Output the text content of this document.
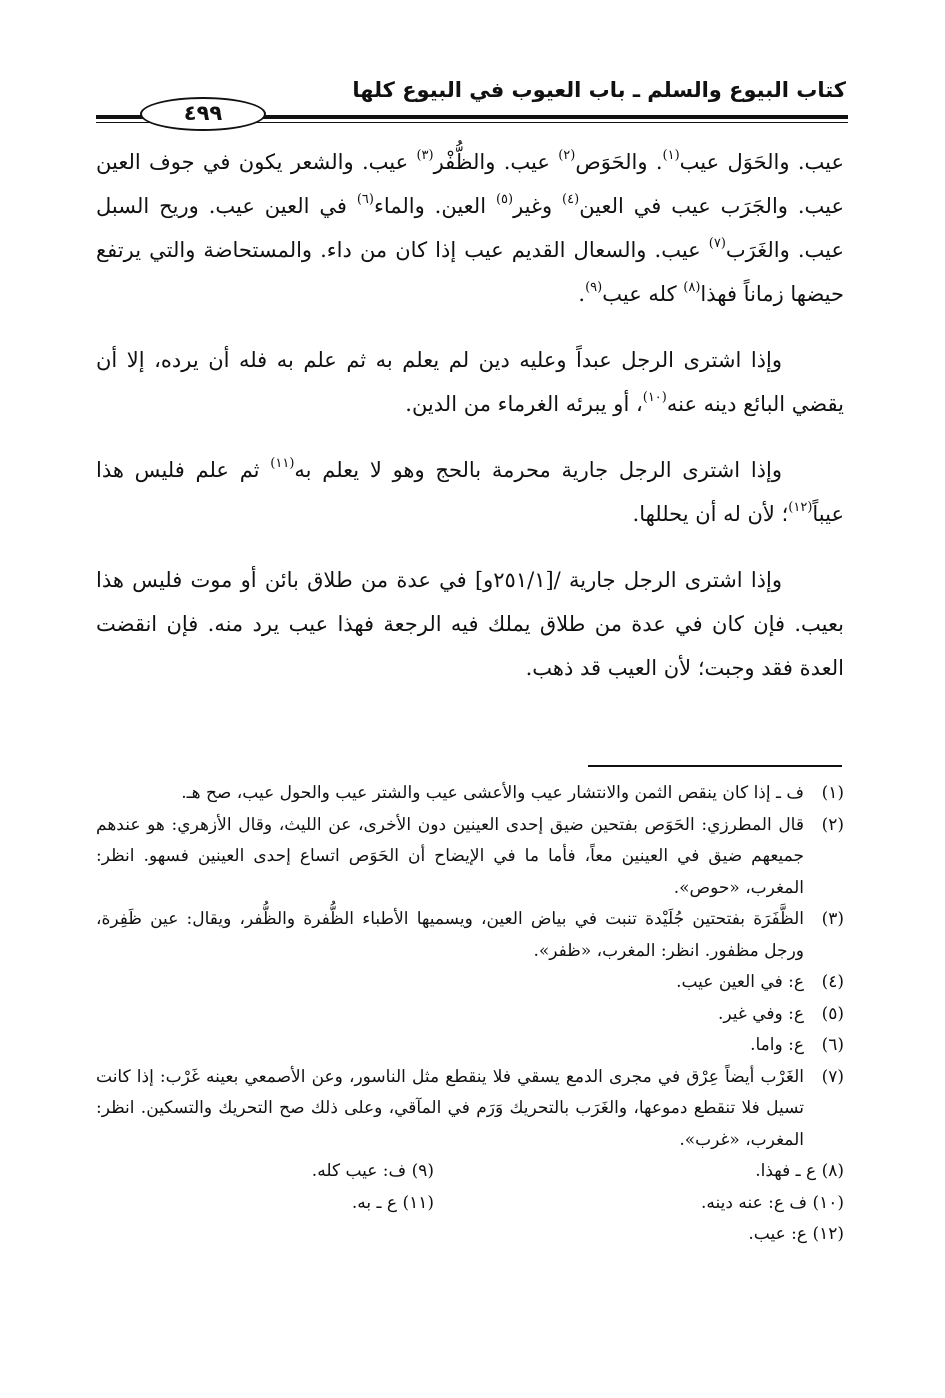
كتاب البيوع والسلم ـ باب العيوب في البيوع كلها
٤٩٩

عيب. والحَوَل عيب$^{(١)}$. والحَوَص$^{(٢)}$ عيب. والظُّفْر$^{(٣)}$ عيب. والشعر يكون في جوف العين عيب. والجَرَب عيب في العين$^{(٤)}$ وغير$^{(٥)}$ العين. والماء$^{(٦)}$ في العين عيب. وريح السبل عيب. والغَرَب$^{(٧)}$ عيب. والسعال القديم عيب إذا كان من داء. والمستحاضة والتي يرتفع حيضها زماناً فهذا$^{(٨)}$ كله عيب$^{(٩)}$.

وإذا اشترى الرجل عبداً وعليه دين لم يعلم به ثم علم به فله أن يرده، إلا أن يقضي البائع دينه عنه$^{(١٠)}$، أو يبرئه الغرماء من الدين.

وإذا اشترى الرجل جارية محرمة بالحج وهو لا يعلم به$^{(١١)}$ ثم علم فليس هذا عيباً$^{(١٢)}$؛ لأن له أن يحللها.

وإذا اشترى الرجل جارية /[٢٥١/١و] في عدة من طلاق بائن أو موت فليس هذا بعيب. فإن كان في عدة من طلاق يملك فيه الرجعة فهذا عيب يرد منه. فإن انقضت العدة فقد وجبت؛ لأن العيب قد ذهب.

(١)
ف ـ إذا كان ينقص الثمن والانتشار عيب والأعشى عيب والشتر عيب والحول عيب، صح هـ.
(٢)
قال المطرزي: الحَوَص بفتحين ضيق إحدى العينين دون الأخرى، عن الليث، وقال الأزهري: هو عندهم جميعهم ضيق في العينين معاً، فأما ما في الإيضاح أن الحَوَص اتساع إحدى العينين فسهو. انظر: المغرب، «حوص».
(٣)
الظَّفَرَة بفتحتين جُلَيْدة تنبت في بياض العين، ويسميها الأطباء الظُّفرة والظُّفر، ويقال: عين ظَفِرة، ورجل مظفور. انظر: المغرب، «ظفر».
(٤)
ع: في العين عيب.
(٥)
ع: وفي غير.
(٦)
ع: واما.
(٧)
الغَرْب أيضاً عِرْق في مجرى الدمع يسقي فلا ينقطع مثل الناسور، وعن الأصمعي بعينه غَرْب: إذا كانت تسيل فلا تنقطع دموعها، والغَرَب بالتحريك وَرَم في المآقي، وعلى ذلك صح التحريك والتسكين. انظر: المغرب، «غرب».
(٨) ع ـ فهذا.
(٩) ف: عيب كله.
(١٠) ف ع: عنه دينه.
(١١) ع ـ به.
(١٢) ع: عيب.
